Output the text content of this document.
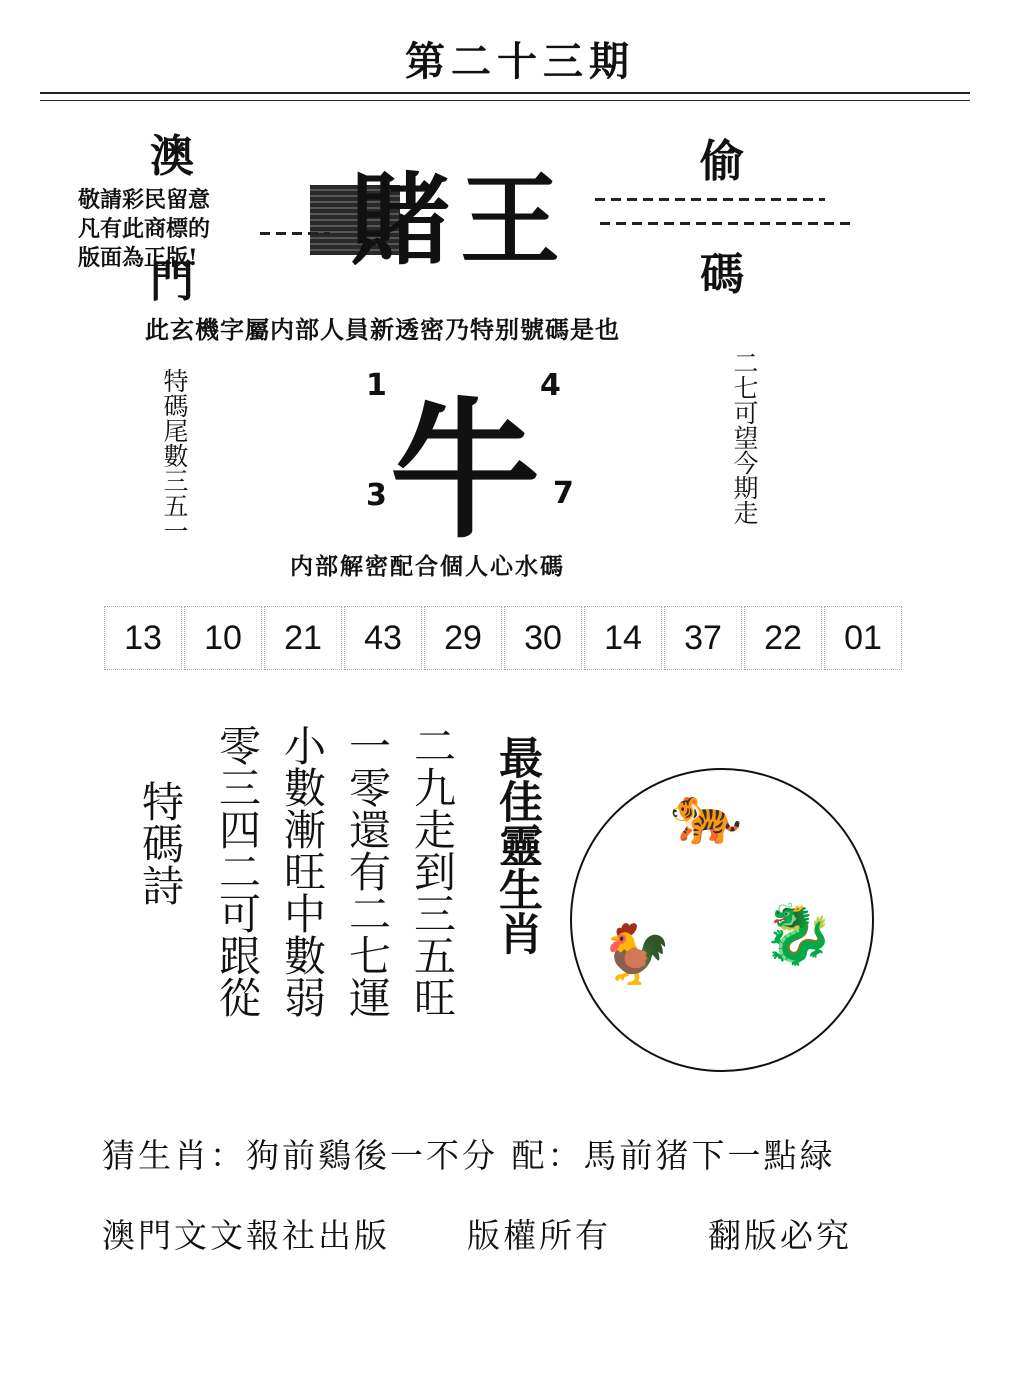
第二十三期
澳
門
偷
碼
敬請彩民留意
凡有此商標的
版面為正版! 賭王
此玄機字屬内部人員新透密乃特别號碼是也
特碼尾數三五一	二七可望今期走
牛
1	4
3	7
内部解密配合個人心水碼
13	10	21	43	29	30	14	37	22	01
特碼詩	二九走到三五旺
一零還有二七運
小數漸旺中數弱
零三四二可跟從	最佳靈生肖 🐅
🐉
🐓
猜生肖：狗前鷄後一不分 配：馬前猪下一點緑
澳門文文報社出版 版權所有	翻版必究
